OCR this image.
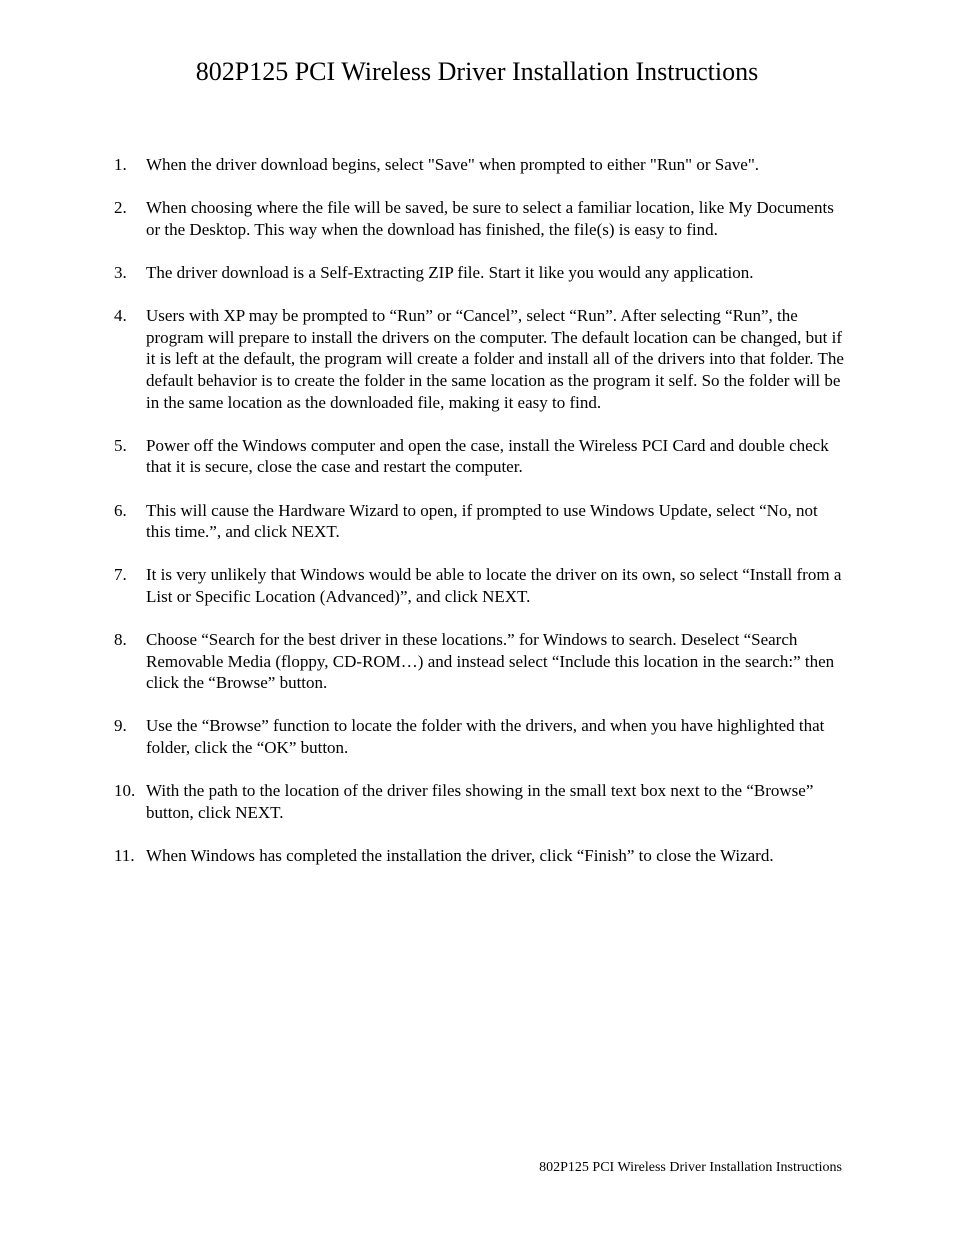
802P125 PCI Wireless Driver Installation Instructions
1.	When the driver download begins, select "Save" when prompted to either "Run" or Save".
2.	When choosing where the file will be saved, be sure to select a familiar location, like My Documents or the Desktop. This way when the download has finished, the file(s) is easy to find.
3.	The driver download is a Self-Extracting ZIP file. Start it like you would any application.
4.	Users with XP may be prompted to “Run” or “Cancel”, select “Run”. After selecting “Run”, the program will prepare to install the drivers on the computer. The default location can be changed, but if it is left at the default, the program will create a folder and install all of the drivers into that folder. The default behavior is to create the folder in the same location as the program it self. So the folder will be in the same location as the downloaded file, making it easy to find.
5.	Power off the Windows computer and open the case, install the Wireless PCI Card and double check that it is secure, close the case and restart the computer.
6.	This will cause the Hardware Wizard to open, if prompted to use Windows Update, select “No, not this time.”, and click NEXT.
7.	It is very unlikely that Windows would be able to locate the driver on its own, so select “Install from a List or Specific Location (Advanced)”, and click NEXT.
8.	Choose “Search for the best driver in these locations.” for Windows to search. Deselect “Search Removable Media (floppy, CD-ROM…) and instead select “Include this location in the search:” then click the “Browse” button.
9.	Use the “Browse” function to locate the folder with the drivers, and when you have highlighted that folder, click the “OK” button.
10. With the path to the location of the driver files showing in the small text box next to the “Browse” button, click NEXT.
11. When Windows has completed the installation the driver, click “Finish” to close the Wizard.
802P125 PCI Wireless Driver Installation Instructions
